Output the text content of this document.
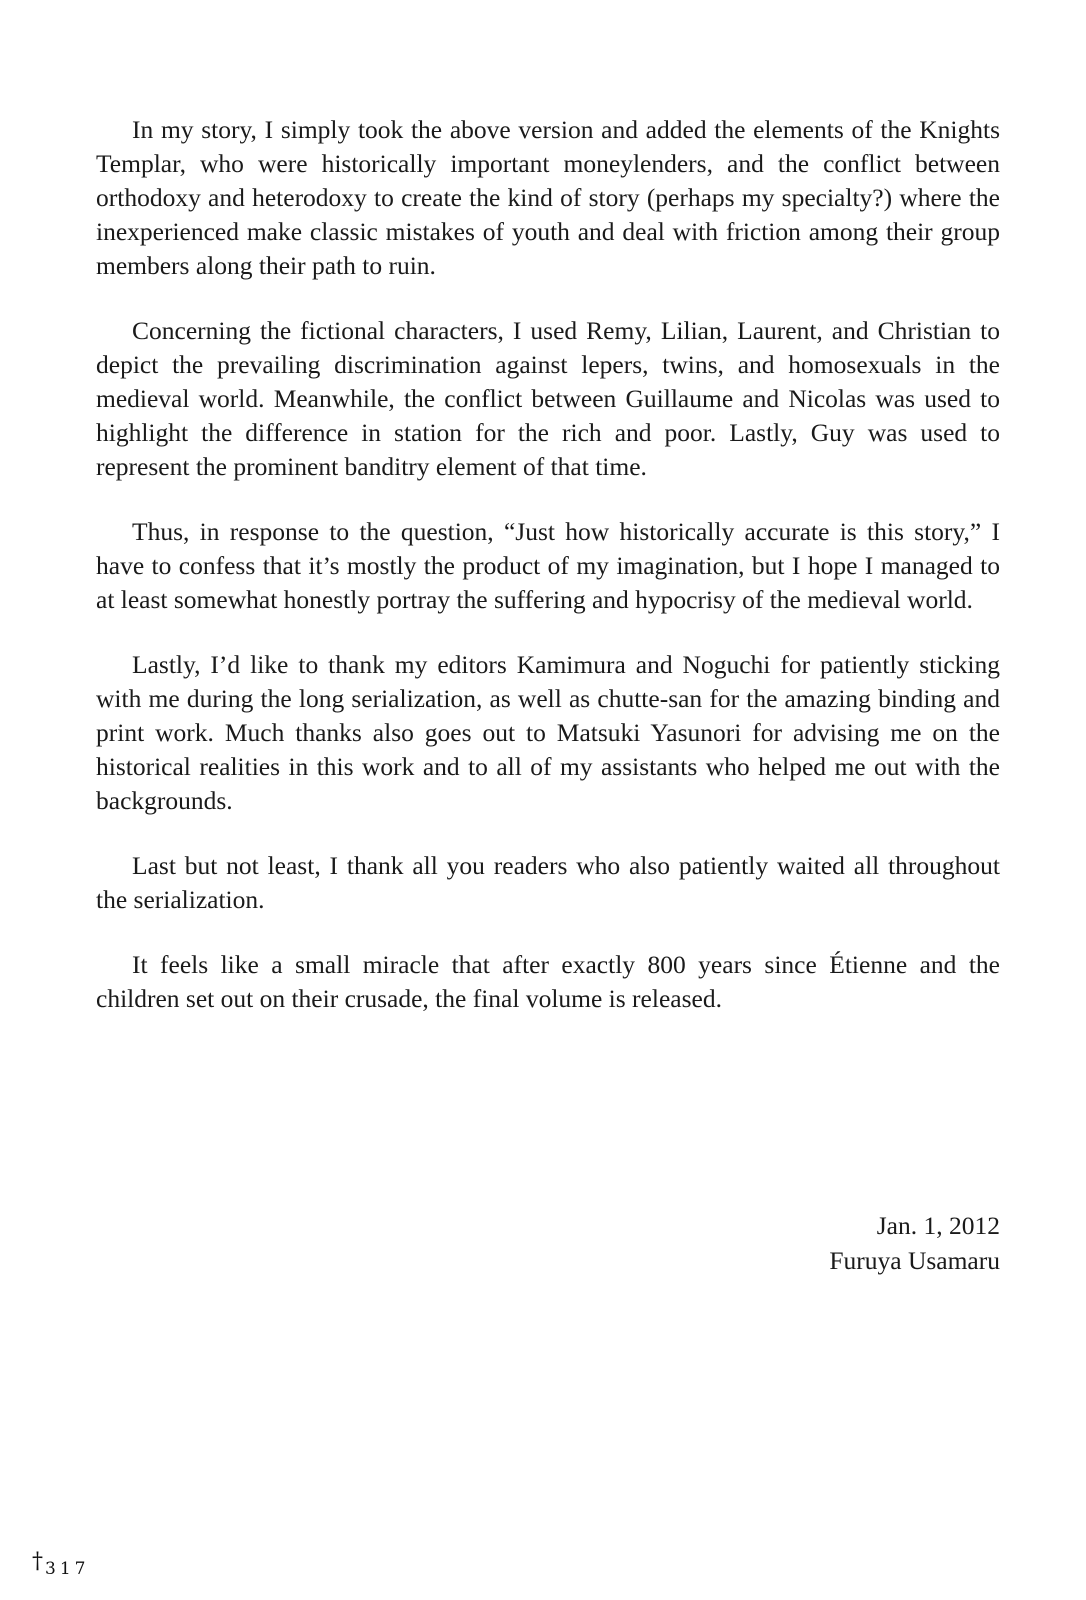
In my story, I simply took the above version and added the elements of the Knights Templar, who were historically important moneylenders, and the conflict between orthodoxy and heterodoxy to create the kind of story (perhaps my specialty?) where the inexperienced make classic mistakes of youth and deal with friction among their group members along their path to ruin.

Concerning the fictional characters, I used Remy, Lilian, Laurent, and Christian to depict the prevailing discrimination against lepers, twins, and homosexuals in the medieval world. Meanwhile, the conflict between Guillaume and Nicolas was used to highlight the difference in station for the rich and poor. Lastly, Guy was used to represent the prominent banditry element of that time.

Thus, in response to the question, “Just how historically accurate is this story,” I have to confess that it’s mostly the product of my imagination, but I hope I managed to at least somewhat honestly portray the suffering and hypocrisy of the medieval world.

Lastly, I’d like to thank my editors Kamimura and Noguchi for patiently sticking with me during the long serialization, as well as chutte-san for the amazing binding and print work. Much thanks also goes out to Matsuki Yasunori for advising me on the historical realities in this work and to all of my assistants who helped me out with the backgrounds.

Last but not least, I thank all you readers who also patiently waited all throughout the serialization.

It feels like a small miracle that after exactly 800 years since Étienne and the children set out on their crusade, the final volume is released.

Jan. 1, 2012
Furuya Usamaru
† 317
